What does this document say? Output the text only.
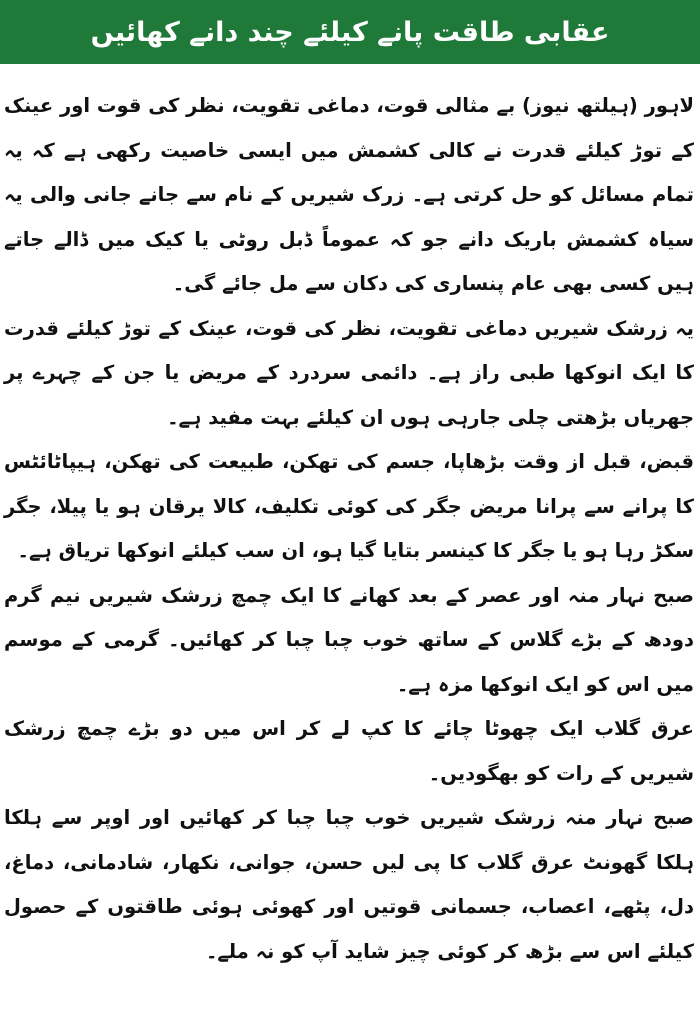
عقابی طاقت پانے کیلئے چند دانے کھائیں

لاہور (ہیلتھ نیوز) بے مثالی قوت، دماغی تقویت، نظر کی قوت اور عینک کے توڑ کیلئے قدرت نے کالی کشمش میں ایسی خاصیت رکھی ہے کہ یہ تمام مسائل کو حل کرتی ہے۔ زرک شیریں کے نام سے جانے جانی والی یہ سیاہ کشمش باریک دانے جو کہ عموماً ڈبل روٹی یا کیک میں ڈالے جاتے ہیں کسی بھی عام پنساری کی دکان سے مل جائے گی۔

یہ زرشک شیریں دماغی تقویت، نظر کی قوت، عینک کے توڑ کیلئے قدرت کا ایک انوکھا طبی راز ہے۔ دائمی سردرد کے مریض یا جن کے چہرے پر جھریاں بڑھتی چلی جارہی ہوں ان کیلئے بہت مفید ہے۔

قبض، قبل از وقت بڑھاپا، جسم کی تھکن، طبیعت کی تھکن، ہیپاٹائٹس کا پرانے سے پرانا مریض جگر کی کوئی تکلیف، کالا یرقان ہو یا پیلا، جگر سکڑ رہا ہو یا جگر کا کینسر بتایا گیا ہو، ان سب کیلئے انوکھا تریاق ہے۔

صبح نہار منہ اور عصر کے بعد کھانے کا ایک چمچ زرشک شیریں نیم گرم دودھ کے بڑے گلاس کے ساتھ خوب چبا چبا کر کھائیں۔ گرمی کے موسم میں اس کو ایک انوکھا مزہ ہے۔

عرق گلاب ایک چھوٹا چائے کا کپ لے کر اس میں دو بڑے چمچ زرشک شیریں کے رات کو بھگودیں۔

صبح نہار منہ زرشک شیریں خوب چبا چبا کر کھائیں اور اوپر سے ہلکا ہلکا گھونٹ عرق گلاب کا پی لیں حسن، جوانی، نکھار، شادمانی، دماغ، دل، پٹھے، اعصاب، جسمانی قوتیں اور کھوئی ہوئی طاقتوں کے حصول کیلئے اس سے بڑھ کر کوئی چیز شاید آپ کو نہ ملے۔
